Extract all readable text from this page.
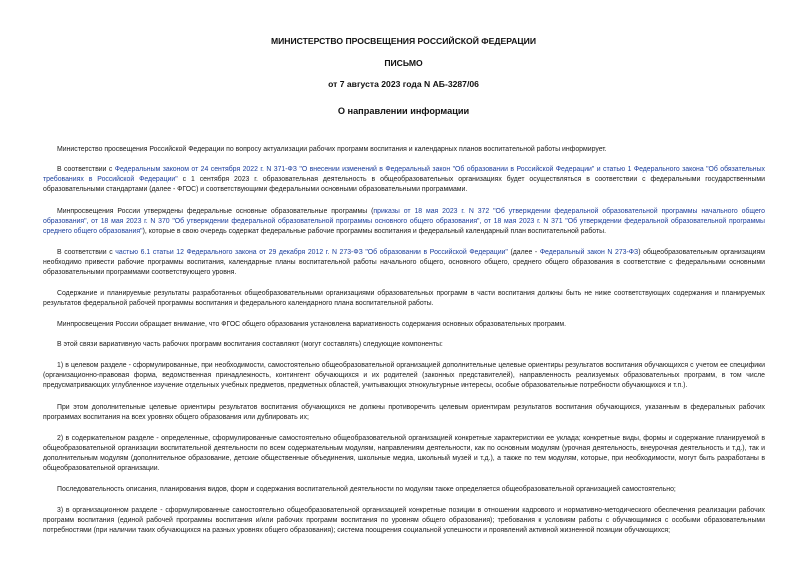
МИНИСТЕРСТВО ПРОСВЕЩЕНИЯ РОССИЙСКОЙ ФЕДЕРАЦИИ
ПИСЬМО
от 7 августа 2023 года N АБ-3287/06
О направлении информации

Министерство просвещения Российской Федерации по вопросу актуализации рабочих программ воспитания и календарных планов воспитательной работы информирует.

В соответствии с Федеральным законом от 24 сентября 2022 г. N 371-ФЗ "О внесении изменений в Федеральный закон "Об образовании в Российской Федерации" и статью 1 Федерального закона "Об обязательных требованиях в Российской Федерации" с 1 сентября 2023 г. образовательная деятельность в общеобразовательных организациях будет осуществляться в соответствии с федеральными государственными образовательными стандартами (далее - ФГОС) и соответствующими федеральными основными образовательными программами.

Минпросвещения России утверждены федеральные основные образовательные программы (приказы от 18 мая 2023 г. N 372 "Об утверждении федеральной образовательной программы начального общего образования", от 18 мая 2023 г. N 370 "Об утверждении федеральной образовательной программы основного общего образования", от 18 мая 2023 г. N 371 "Об утверждении федеральной образовательной программы среднего общего образования"), которые в свою очередь содержат федеральные рабочие программы воспитания и федеральный календарный план воспитательной работы.

В соответствии с частью 6.1 статьи 12 Федерального закона от 29 декабря 2012 г. N 273-ФЗ "Об образовании в Российской Федерации" (далее - Федеральный закон N 273-ФЗ) общеобразовательным организациям необходимо привести рабочие программы воспитания, календарные планы воспитательной работы начального общего, основного общего, среднего общего образования в соответствие с федеральными основными образовательными программами соответствующего уровня.

Содержание и планируемые результаты разработанных общеобразовательными организациями образовательных программ в части воспитания должны быть не ниже соответствующих содержания и планируемых результатов федеральной рабочей программы воспитания и федерального календарного плана воспитательной работы.

Минпросвещения России обращает внимание, что ФГОС общего образования установлена вариативность содержания основных образовательных программ.

В этой связи вариативную часть рабочих программ воспитания составляют (могут составлять) следующие компоненты:

1) в целевом разделе - сформулированные, при необходимости, самостоятельно общеобразовательной организацией дополнительные целевые ориентиры результатов воспитания обучающихся с учетом ее специфики (организационно-правовая форма, ведомственная принадлежность, контингент обучающихся и их родителей (законных представителей), направленность реализуемых образовательных программ, в том числе предусматривающих углубленное изучение отдельных учебных предметов, предметных областей, учитывающих этнокультурные интересы, особые образовательные потребности обучающихся и т.п.).

При этом дополнительные целевые ориентиры результатов воспитания обучающихся не должны противоречить целевым ориентирам результатов воспитания обучающихся, указанным в федеральных рабочих программах воспитания на всех уровнях общего образования или дублировать их;

2) в содержательном разделе - определенные, сформулированные самостоятельно общеобразовательной организацией конкретные характеристики ее уклада; конкретные виды, формы и содержание планируемой в общеобразовательной организации воспитательной деятельности по всем содержательным модулям, направлениям деятельности, как по основным модулям (урочная деятельность, внеурочная деятельность и т.д.), так и дополнительным модулям (дополнительное образование, детские общественные объединения, школьные медиа, школьный музей и т.д.), а также по тем модулям, которые, при необходимости, могут быть разработаны в общеобразовательной организации.

Последовательность описания, планирования видов, форм и содержания воспитательной деятельности по модулям также определяется общеобразовательной организацией самостоятельно;

3) в организационном разделе - сформулированные самостоятельно общеобразовательной организацией конкретные позиции в отношении кадрового и нормативно-методического обеспечения реализации рабочих программ воспитания (единой рабочей программы воспитания и/или рабочих программ воспитания по уровням общего образования); требования к условиям работы с обучающимися с особыми образовательными потребностями (при наличии таких обучающихся на разных уровнях общего образования); система поощрения социальной успешности и проявлений активной жизненной позиции обучающихся;
